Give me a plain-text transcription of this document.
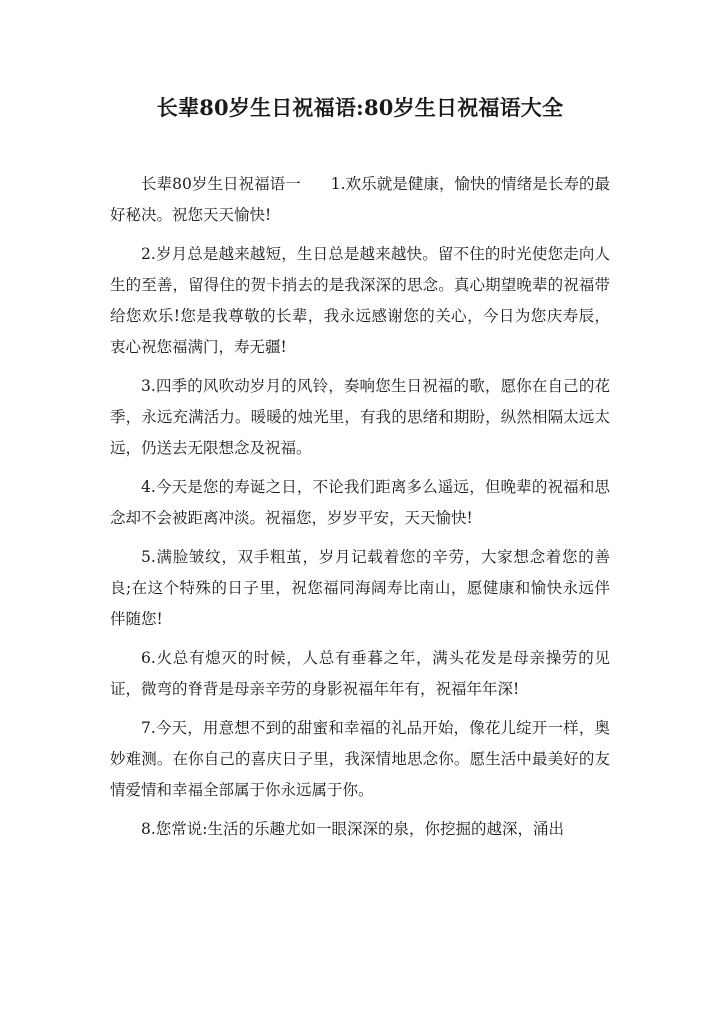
长辈80岁生日祝福语:80岁生日祝福语大全

长辈80岁生日祝福语一 1.欢乐就是健康，愉快的情绪是长寿的最好秘决。祝您天天愉快!

2.岁月总是越来越短，生日总是越来越快。留不住的时光使您走向人生的至善，留得住的贺卡捎去的是我深深的思念。真心期望晚辈的祝福带给您欢乐!您是我尊敬的长辈，我永远感谢您的关心，今日为您庆寿辰，衷心祝您福满门，寿无疆!

3.四季的风吹动岁月的风铃，奏响您生日祝福的歌，愿你在自己的花季，永远充满活力。暖暖的烛光里，有我的思绪和期盼，纵然相隔太远太远，仍送去无限想念及祝福。

4.今天是您的寿诞之日，不论我们距离多么遥远，但晚辈的祝福和思念却不会被距离冲淡。祝福您，岁岁平安，天天愉快!

5.满脸皱纹，双手粗茧，岁月记载着您的辛劳，大家想念着您的善良;在这个特殊的日子里，祝您福同海阔寿比南山，愿健康和愉快永远伴伴随您!

6.火总有熄灭的时候，人总有垂暮之年，满头花发是母亲操劳的见证，微弯的脊背是母亲辛劳的身影祝福年年有，祝福年年深!

7.今天，用意想不到的甜蜜和幸福的礼品开始，像花儿绽开一样，奥妙难测。在你自己的喜庆日子里，我深情地思念你。愿生活中最美好的友情爱情和幸福全部属于你永远属于你。

8.您常说:生活的乐趣尤如一眼深深的泉，你挖掘的越深，涌出
